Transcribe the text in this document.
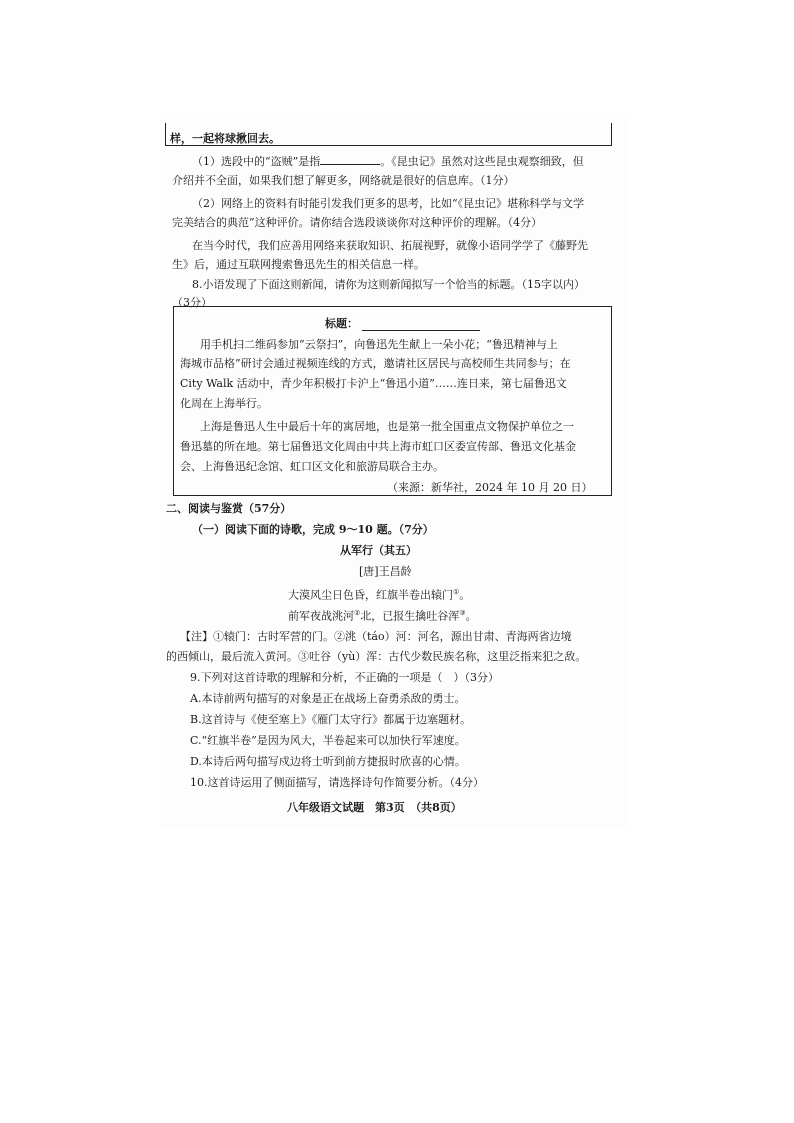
样，一起将球揪回去。
（1）选段中的“盗贼”是指	。《昆虫记》虽然对这些昆虫观察细致，但
介绍并不全面，如果我们想了解更多，网络就是很好的信息库。（1分）
（2）网络上的资料有时能引发我们更多的思考，比如“《昆虫记》堪称科学与文学
完美结合的典范”这种评价。请你结合选段谈谈你对这种评价的理解。（4分）
在当今时代，我们应善用网络来获取知识、拓展视野，就像小语同学学了《藤野先
生》后，通过互联网搜索鲁迅先生的相关信息一样。
8.小语发现了下面这则新闻，请你为这则新闻拟写一个恰当的标题。（15字以内）
（3分）
标题：
用手机扫二维码参加“云祭扫”，向鲁迅先生献上一朵小花；“鲁迅精神与上
海城市品格”研讨会通过视频连线的方式，邀请社区居民与高校师生共同参与；在
City Walk 活动中，青少年积极打卡沪上“鲁迅小道”……连日来，第七届鲁迅文
化周在上海举行。
上海是鲁迅人生中最后十年的寓居地，也是第一批全国重点文物保护单位之一
鲁迅墓的所在地。第七届鲁迅文化周由中共上海市虹口区委宣传部、鲁迅文化基金
会、上海鲁迅纪念馆、虹口区文化和旅游局联合主办。
（来源：新华社，2024 年 10 月 20 日）
二、阅读与鉴赏（57分）
（一）阅读下面的诗歌，完成 9～10 题。（7分）
从军行（其五）
[唐]王昌龄
大漠风尘日色昏，红旗半卷出辕门①。
前军夜战洮河②北，已报生擒吐谷浑③。
【注】①辕门：古时军营的门。②洮（táo）河：河名，源出甘肃、青海两省边境
的西倾山，最后流入黄河。③吐谷（yù）浑：古代少数民族名称，这里泛指来犯之敌。
9.下列对这首诗歌的理解和分析，不正确的一项是（　）（3分）
A.本诗前两句描写的对象是正在战场上奋勇杀敌的勇士。
B.这首诗与《使至塞上》《雁门太守行》都属于边塞题材。
C.“红旗半卷”是因为风大，半卷起来可以加快行军速度。
D.本诗后两句描写戍边将士听到前方捷报时欣喜的心情。
10.这首诗运用了侧面描写，请选择诗句作简要分析。（4分）
八年级语文试题　第3页　（共8页）
